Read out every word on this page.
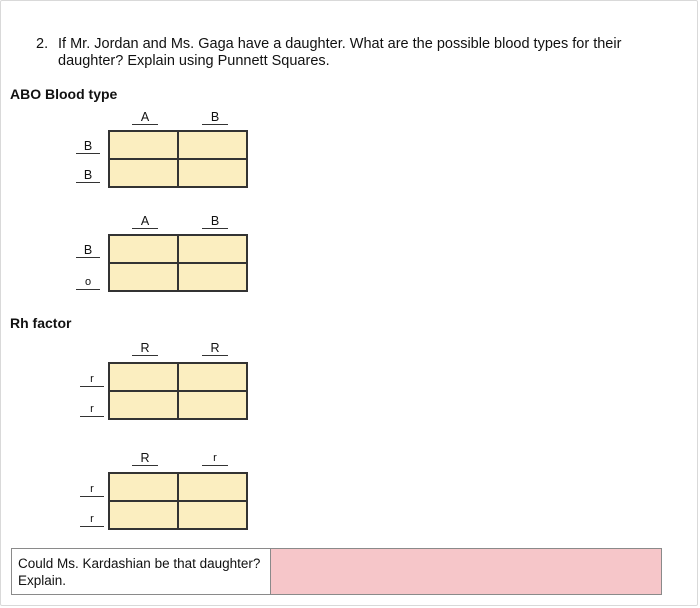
2. If Mr. Jordan and Ms. Gaga have a daughter. What are the possible blood types for their daughter? Explain using Punnett Squares.
ABO Blood type
A	B
B
B
A	B
B
o
Rh factor
R	R
r
r
R	r
r
r
Could Ms. Kardashian be that daughter? Explain.
